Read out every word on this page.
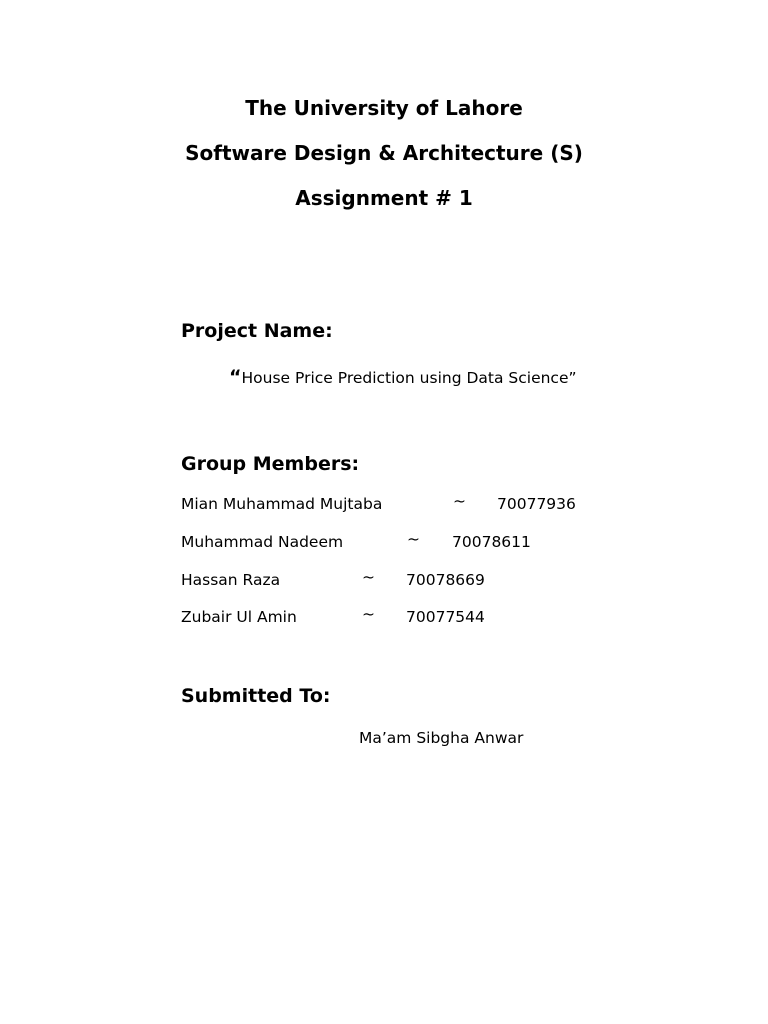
The University of Lahore
Software Design & Architecture (S)
Assignment # 1
Project Name:
“House Price Prediction using Data Science”
Group Members:
Mian Muhammad Mujtaba	~ 70077936
Muhammad Nadeem	~ 70078611
Hassan Raza	~ 70078669
Zubair Ul Amin	~ 70077544
Submitted To:
Ma’am Sibgha Anwar
